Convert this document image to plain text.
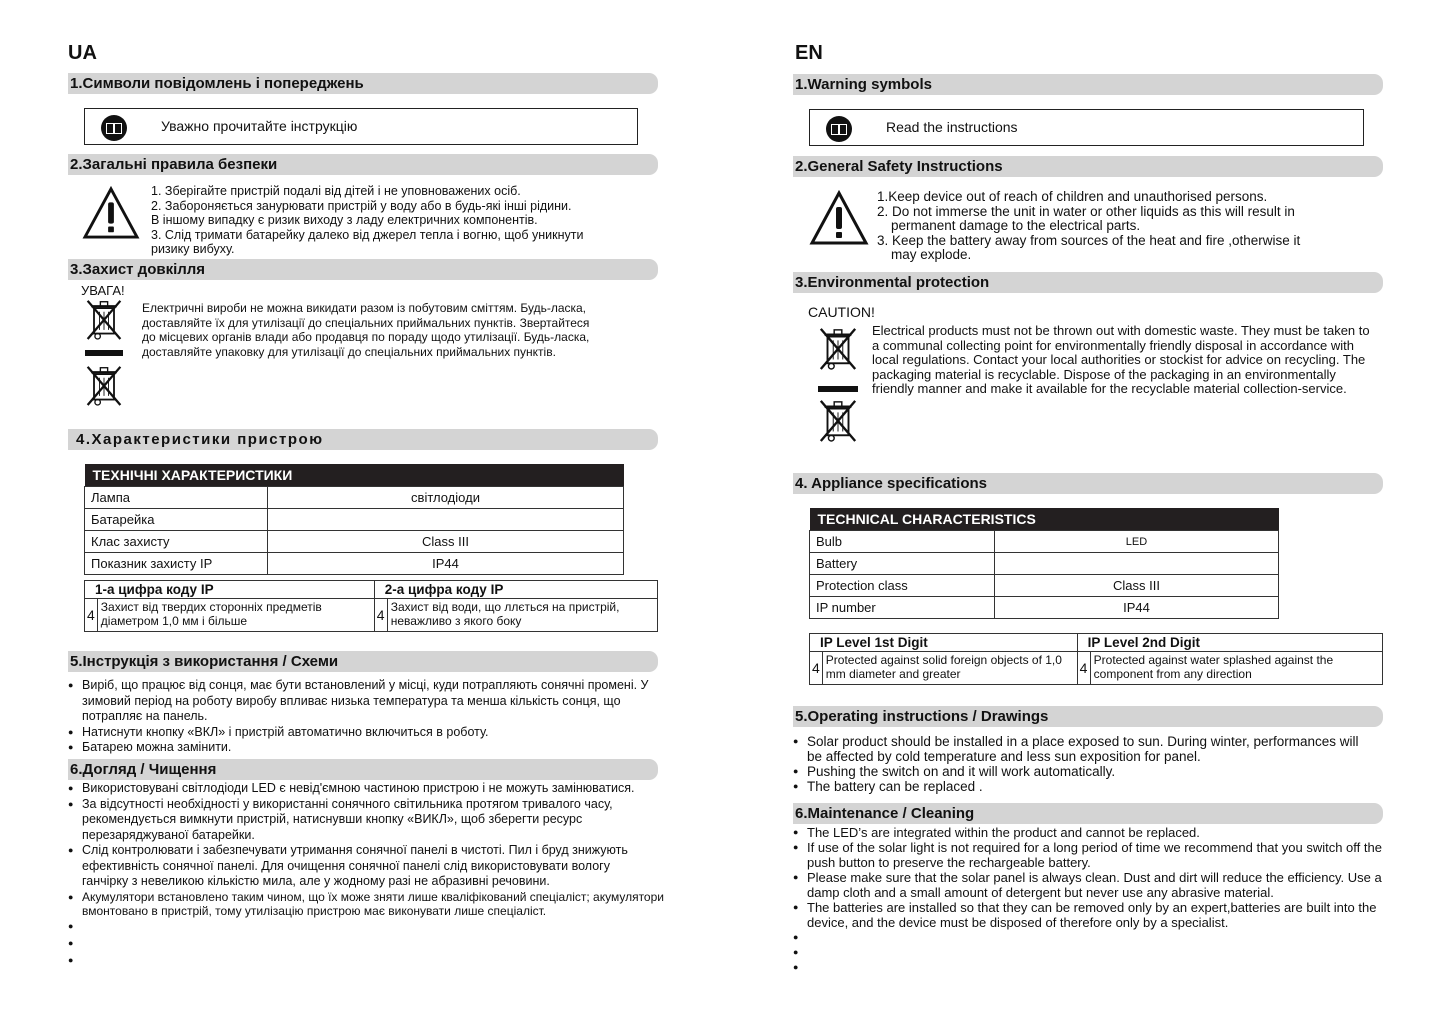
UA
1.Символи повідомлень і попереджень
Уважно прочитайте інструкцію
2.Загальні правила безпеки
1. Зберігайте пристрій подалі від дітей і не уповноважених осіб.
2. Забороняється занурювати пристрій у воду або в будь-які інші рідини.
В іншому випадку є ризик виходу з ладу електричних компонентів.
3. Слід тримати батарейку далеко від джерел тепла і вогню, щоб уникнути
ризику вибуху.
3.Захист довкілля
УВАГА!
Електричні вироби не можна викидати разом із побутовим сміттям. Будь-ласка,
доставляйте їх для утилізації до спеціальних приймальних пунктів. Звертайтеся
до місцевих органів влади або продавця по пораду щодо утилізації. Будь-ласка,
доставляйте упаковку для утилізації до спеціальних приймальних пунктів.
4.Характеристики пристрою
ТЕХНІЧНІ ХАРАКТЕРИСТИКИ	
Лампа	світлодіоди
Батарейка	
Клас захисту	Class III
Показник захисту IP	IP44
1-а цифра коду IP		2-а цифра коду IP	
4	Захист від твердих сторонніх предметів діаметром 1,0 мм і більше	4	Захист від води, що ллється на пристрій, неважливо з якого боку
5.Інструкція з використання / Схеми
● Виріб, що працює від сонця, має бути встановлений у місці, куди потрапляють сонячні промені. У зимовий період на роботу виробу впливає низька температура та менша кількість сонця, що потрапляє на панель.
● Натиснути кнопку «ВКЛ» і пристрій автоматично включиться в роботу.
● Батарею можна замінити.
6.Догляд / Чищення
● Використовувані світлодіоди LED є невід'ємною частиною пристрою і не можуть замінюватися.
● За відсутності необхідності у використанні сонячного світильника протягом тривалого часу, рекомендується вимкнути пристрій, натиснувши кнопку «ВИКЛ», щоб зберегти ресурс перезаряджуваної батарейки.
● Слід контролювати і забезпечувати утримання сонячної панелі в чистоті. Пил і бруд знижують ефективність сонячної панелі. Для очищення сонячної панелі слід використовувати вологу ганчірку з невеликою кількістю мила, але у жодному разі не абразивні речовини.
● Акумулятори встановлено таким чином, що їх може зняти лише кваліфікований спеціаліст; акумулятори вмонтовано в пристрій, тому утилізацію пристрою має виконувати лише спеціаліст.
●
●
●
EN
1.Warning symbols
Read the instructions
2.General Safety Instructions
1.Keep device out of reach of children and unauthorised persons.
2. Do not immerse the unit in water or other liquids as this will result in
permanent damage to the electrical parts.
3. Keep the battery away from sources of the heat and fire ,otherwise it
may explode.
3.Environmental protection
CAUTION!
Electrical products must not be thrown out with domestic waste. They must be taken to
a communal collecting point for environmentally friendly disposal in accordance with
local regulations. Contact your local authorities or stockist for advice on recycling. The
packaging material is recyclable. Dispose of the packaging in an environmentally
friendly manner and make it available for the recyclable material collection-service.
4. Appliance specifications
TECHNICAL CHARACTERISTICS	
Bulb	LED
Battery	
Protection class	Class III
IP number	IP44
IP Level 1st Digit		IP Level 2nd Digit	
4	Protected against solid foreign objects of 1,0 mm diameter and greater	4	Protected against water splashed against the component from any direction
5.Operating instructions / Drawings
● Solar product should be installed in a place exposed to sun. During winter, performances will be affected by cold temperature and less sun exposition for panel.
● Pushing the switch on and it will work automatically.
● The battery can be replaced .
6.Maintenance / Cleaning
● The LED’s are integrated within the product and cannot be replaced.
● If use of the solar light is not required for a long period of time we recommend that you switch off the push button to preserve the rechargeable battery.
● Please make sure that the solar panel is always clean. Dust and dirt will reduce the efficiency. Use a damp cloth and a small amount of detergent but never use any abrasive material.
● The batteries are installed so that they can be removed only by an expert,batteries are built into the device, and the device must be disposed of therefore only by a specialist.
●
●
●
